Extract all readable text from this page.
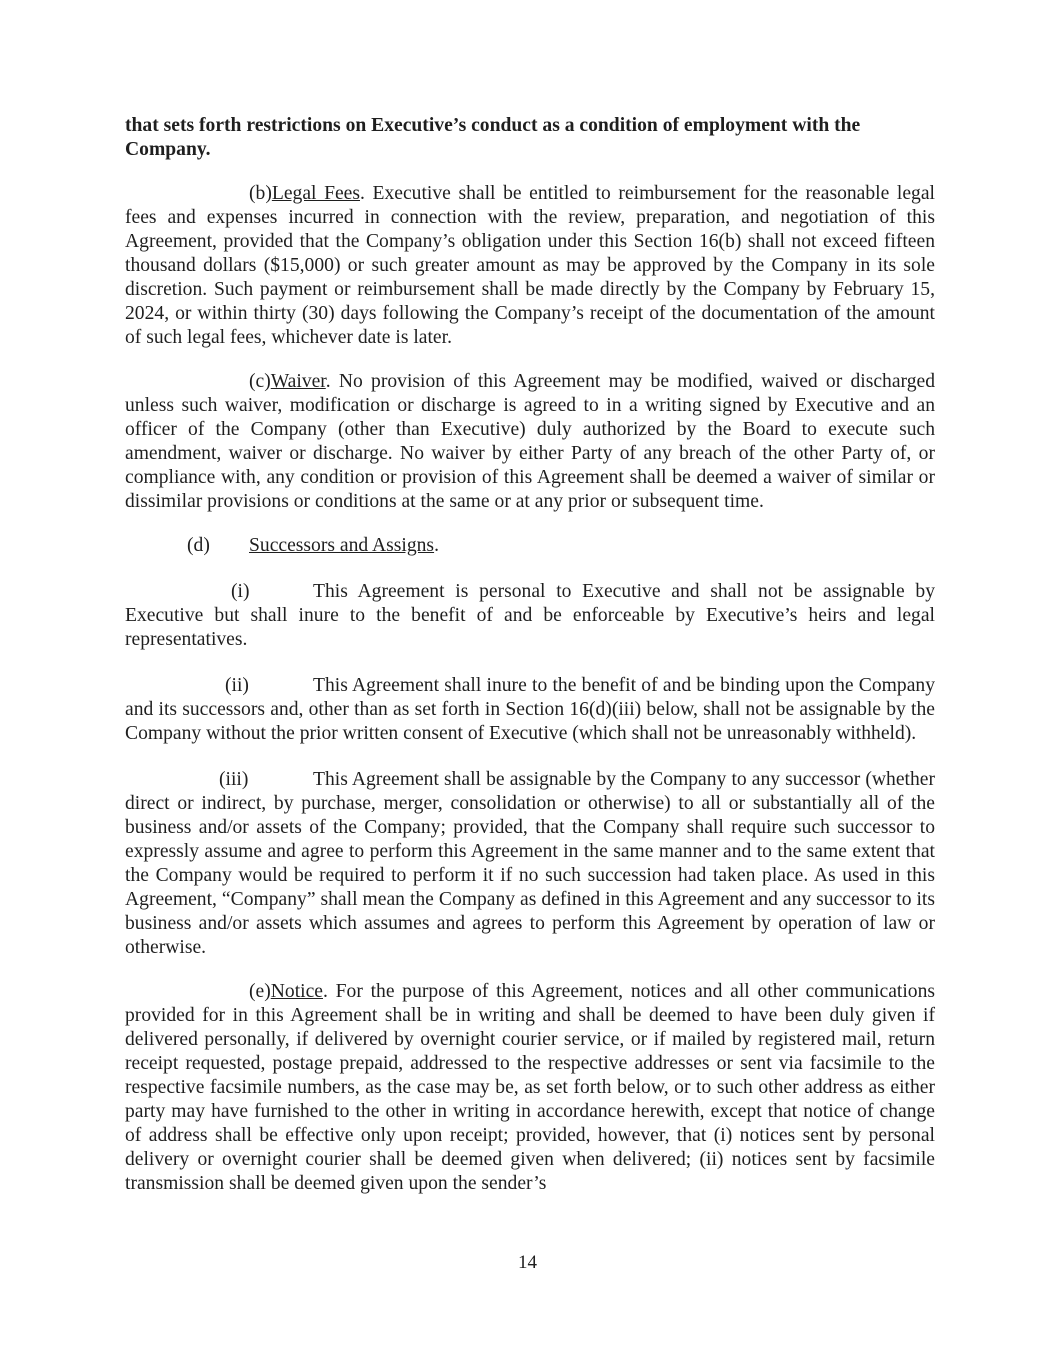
that sets forth restrictions on Executive’s conduct as a condition of employment with the Company.

(b)Legal Fees. Executive shall be entitled to reimbursement for the reasonable legal fees and expenses incurred in connection with the review, preparation, and negotiation of this Agreement, provided that the Company’s obligation under this Section 16(b) shall not exceed fifteen thousand dollars ($15,000) or such greater amount as may be approved by the Company in its sole discretion. Such payment or reimbursement shall be made directly by the Company by February 15, 2024, or within thirty (30) days following the Company’s receipt of the documentation of the amount of such legal fees, whichever date is later.

(c)Waiver. No provision of this Agreement may be modified, waived or discharged unless such waiver, modification or discharge is agreed to in a writing signed by Executive and an officer of the Company (other than Executive) duly authorized by the Board to execute such amendment, waiver or discharge. No waiver by either Party of any breach of the other Party of, or compliance with, any condition or provision of this Agreement shall be deemed a waiver of similar or dissimilar provisions or conditions at the same or at any prior or subsequent time.

(d) Successors and Assigns.

(i)	This Agreement is personal to Executive and shall not be assignable by Executive but shall inure to the benefit of and be enforceable by Executive’s heirs and legal representatives.

(ii)	This Agreement shall inure to the benefit of and be binding upon the Company and its successors and, other than as set forth in Section 16(d)(iii) below, shall not be assignable by the Company without the prior written consent of Executive (which shall not be unreasonably withheld).

(iii)	This Agreement shall be assignable by the Company to any successor (whether direct or indirect, by purchase, merger, consolidation or otherwise) to all or substantially all of the business and/or assets of the Company; provided, that the Company shall require such successor to expressly assume and agree to perform this Agreement in the same manner and to the same extent that the Company would be required to perform it if no such succession had taken place. As used in this Agreement, “Company” shall mean the Company as defined in this Agreement and any successor to its business and/or assets which assumes and agrees to perform this Agreement by operation of law or otherwise.

(e)Notice. For the purpose of this Agreement, notices and all other communications provided for in this Agreement shall be in writing and shall be deemed to have been duly given if delivered personally, if delivered by overnight courier service, or if mailed by registered mail, return receipt requested, postage prepaid, addressed to the respective addresses or sent via facsimile to the respective facsimile numbers, as the case may be, as set forth below, or to such other address as either party may have furnished to the other in writing in accordance herewith, except that notice of change of address shall be effective only upon receipt; provided, however, that (i) notices sent by personal delivery or overnight courier shall be deemed given when delivered; (ii) notices sent by facsimile transmission shall be deemed given upon the sender’s

14
